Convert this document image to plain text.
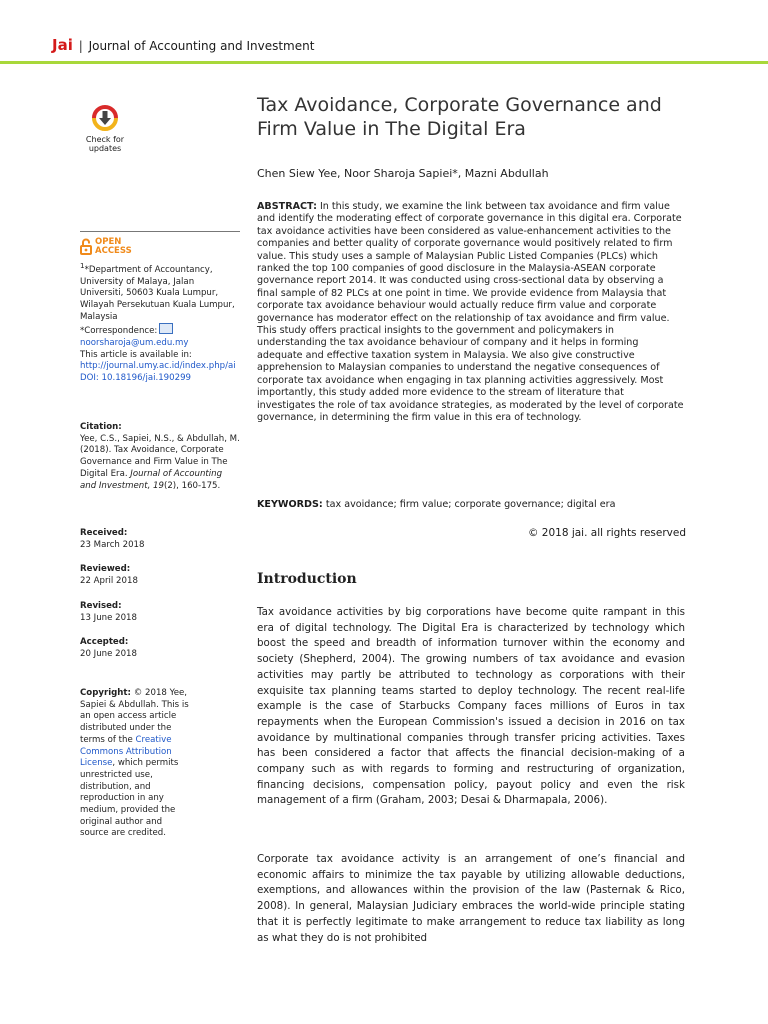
Jai | Journal of Accounting and Investment
Check for
updates
Tax Avoidance, Corporate Governance and
Firm Value in The Digital Era
Chen Siew Yee, Noor Sharoja Sapiei*, Mazni Abdullah
ABSTRACT: In this study, we examine the link between tax avoidance and firm value and identify the moderating effect of corporate governance in this digital era. Corporate tax avoidance activities have been considered as value-enhancement activities to the companies and better quality of corporate governance would positively related to firm value. This study uses a sample of Malaysian Public Listed Companies (PLCs) which ranked the top 100 companies of good disclosure in the Malaysia-ASEAN corporate governance report 2014. It was conducted using cross-sectional data by observing a final sample of 82 PLCs at one point in time. We provide evidence from Malaysia that corporate tax avoidance behaviour would actually reduce firm value and corporate governance has moderator effect on the relationship of tax avoidance and firm value. This study offers practical insights to the government and policymakers in understanding the tax avoidance behaviour of company and it helps in forming adequate and effective taxation system in Malaysia. We also give constructive apprehension to Malaysian companies to understand the negative consequences of corporate tax avoidance when engaging in tax planning activities aggressively. Most importantly, this study added more evidence to the stream of literature that investigates the role of tax avoidance strategies, as moderated by the level of corporate governance, in determining the firm value in this era of technology.
KEYWORDS: tax avoidance; firm value; corporate governance; digital era
© 2018 jai. all rights reserved
Introduction
Tax avoidance activities by big corporations have become quite rampant in this era of digital technology. The Digital Era is characterized by technology which boost the speed and breadth of information turnover within the economy and society (Shepherd, 2004). The growing numbers of tax avoidance and evasion activities may partly be attributed to technology as corporations with their exquisite tax planning teams started to deploy technology. The recent real-life example is the case of Starbucks Company faces millions of Euros in tax repayments when the European Commission's issued a decision in 2016 on tax avoidance by multinational companies through transfer pricing activities. Taxes has been considered a factor that affects the financial decision-making of a company such as with regards to forming and restructuring of organization, financing decisions, compensation policy, payout policy and even the risk management of a firm (Graham, 2003; Desai & Dharmapala, 2006).
Corporate tax avoidance activity is an arrangement of one’s financial and economic affairs to minimize the tax payable by utilizing allowable deductions, exemptions, and allowances within the provision of the law (Pasternak & Rico, 2008). In general, Malaysian Judiciary embraces the world-wide principle stating that it is perfectly legitimate to make arrangement to reduce tax liability as long as what they do is not prohibited
OPEN
ACCESS
$^1$*Department of Accountancy, University of Malaya, Jalan Universiti, 50603 Kuala Lumpur, Wilayah Persekutuan Kuala Lumpur, Malaysia
*Correspondence:
noorsharoja@um.edu.my
This article is available in:
http://journal.umy.ac.id/index.php/ai
DOI: 10.18196/jai.190299
Citation:
Yee, C.S., Sapiei, N.S., & Abdullah, M. (2018). Tax Avoidance, Corporate Governance and Firm Value in The Digital Era. Journal of Accounting and Investment, 19(2), 160-175.
Received:
23 March 2018
Reviewed:
22 April 2018
Revised:
13 June 2018
Accepted:
20 June 2018
Copyright: © 2018 Yee, Sapiei & Abdullah. This is an open access article distributed under the terms of the Creative Commons Attribution License, which permits unrestricted use, distribution, and reproduction in any medium, provided the original author and source are credited.
